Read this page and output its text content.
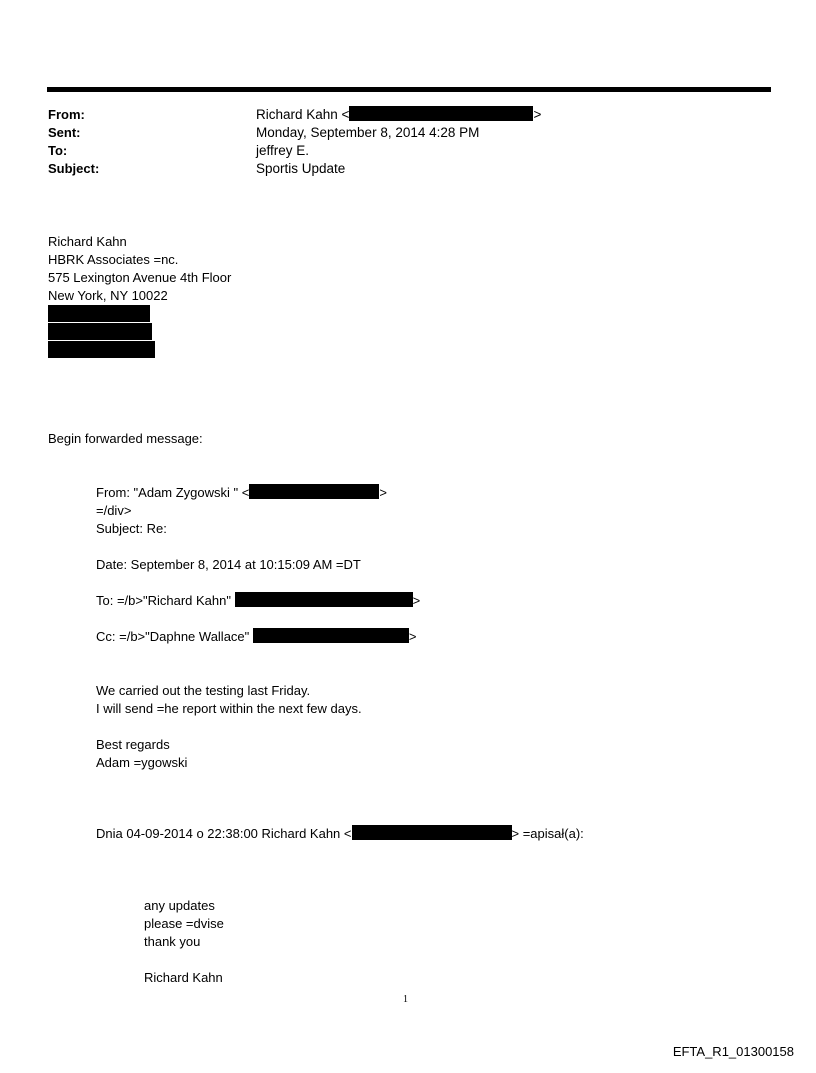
From:	Richard Kahn <	>
Sent:	Monday, September 8, 2014 4:28 PM
To:	jeffrey E.
Subject:	Sportis Update
Richard Kahn
HBRK Associates =nc.
575 Lexington Avenue 4th Floor
New York, NY 10022
Begin forwarded message:
From: "Adam Zygowski " <	>
=/div>
Subject: Re:
Date: September 8, 2014 at 10:15:09 AM =DT
To: =/b>"Richard Kahn"	>
Cc: =/b>"Daphne Wallace"	>
We carried out the testing last Friday.
I will send =he report within the next few days.
Best regards
Adam =ygowski
Dnia 04-09-2014 o 22:38:00 Richard Kahn <	> =apisał(a):
any updates
please =dvise
thank you
Richard Kahn
1
EFTA_R1_01300158
